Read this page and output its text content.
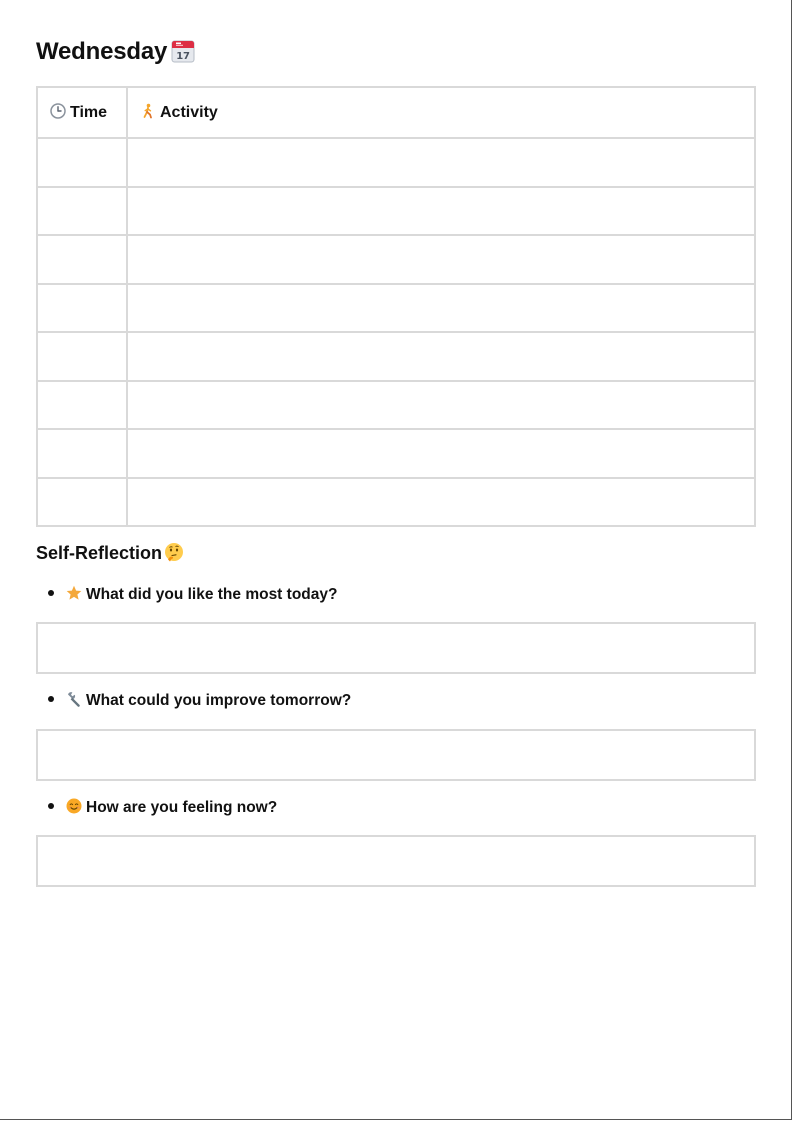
Wednesday 17
Time	Activity

Self-Reflection
What did you like the most today?
What could you improve tomorrow?
How are you feeling now?
